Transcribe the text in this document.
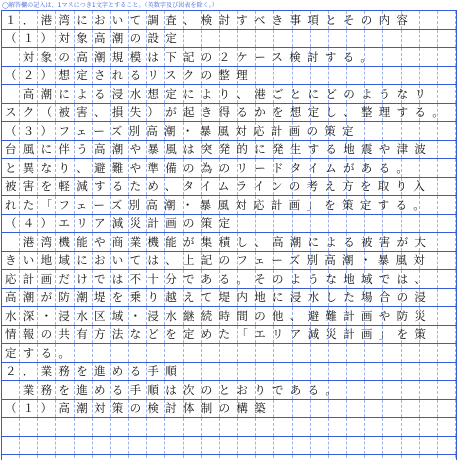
◯解答欄の記入は、1マスにつき1文字とすること。（英数字及び図表を除く。）
１．港湾において調査、検討すべき事項とその内容
（１）対象高潮の設定
　対象の高潮規模は下記の２ケース検討する。
（２）想定されるリスクの整理
　高潮による浸水想定により、港ごとにどのようなリ
スク（被害、損失）が起き得るかを想定し、整理する。
（３）フェーズ別高潮・暴風対応計画の策定
台風に伴う高潮や暴風は突発的に発生する地震や津波
と異なり、避難や準備の為のリードタイムがある。
被害を軽減するため、タイムラインの考え方を取り入
れた「フェーズ別高潮・暴風対応計画」を策定する。
（４）エリア減災計画の策定
　港湾機能や商業機能が集積し、高潮による被害が大
きい地域においては、上記のフェーズ別高潮・暴風対
応計画だけでは不十分である。そのような地域では、
高潮が防潮堤を乗り越えて堤内地に浸水した場合の浸
水深・浸水区域・浸水継続時間の他、避難計画や防災
情報の共有方法などを定めた「エリア減災計画」を策
定する。
２．業務を進める手順
　業務を進める手順は次のとおりである。
（１）高潮対策の検討体制の構築
